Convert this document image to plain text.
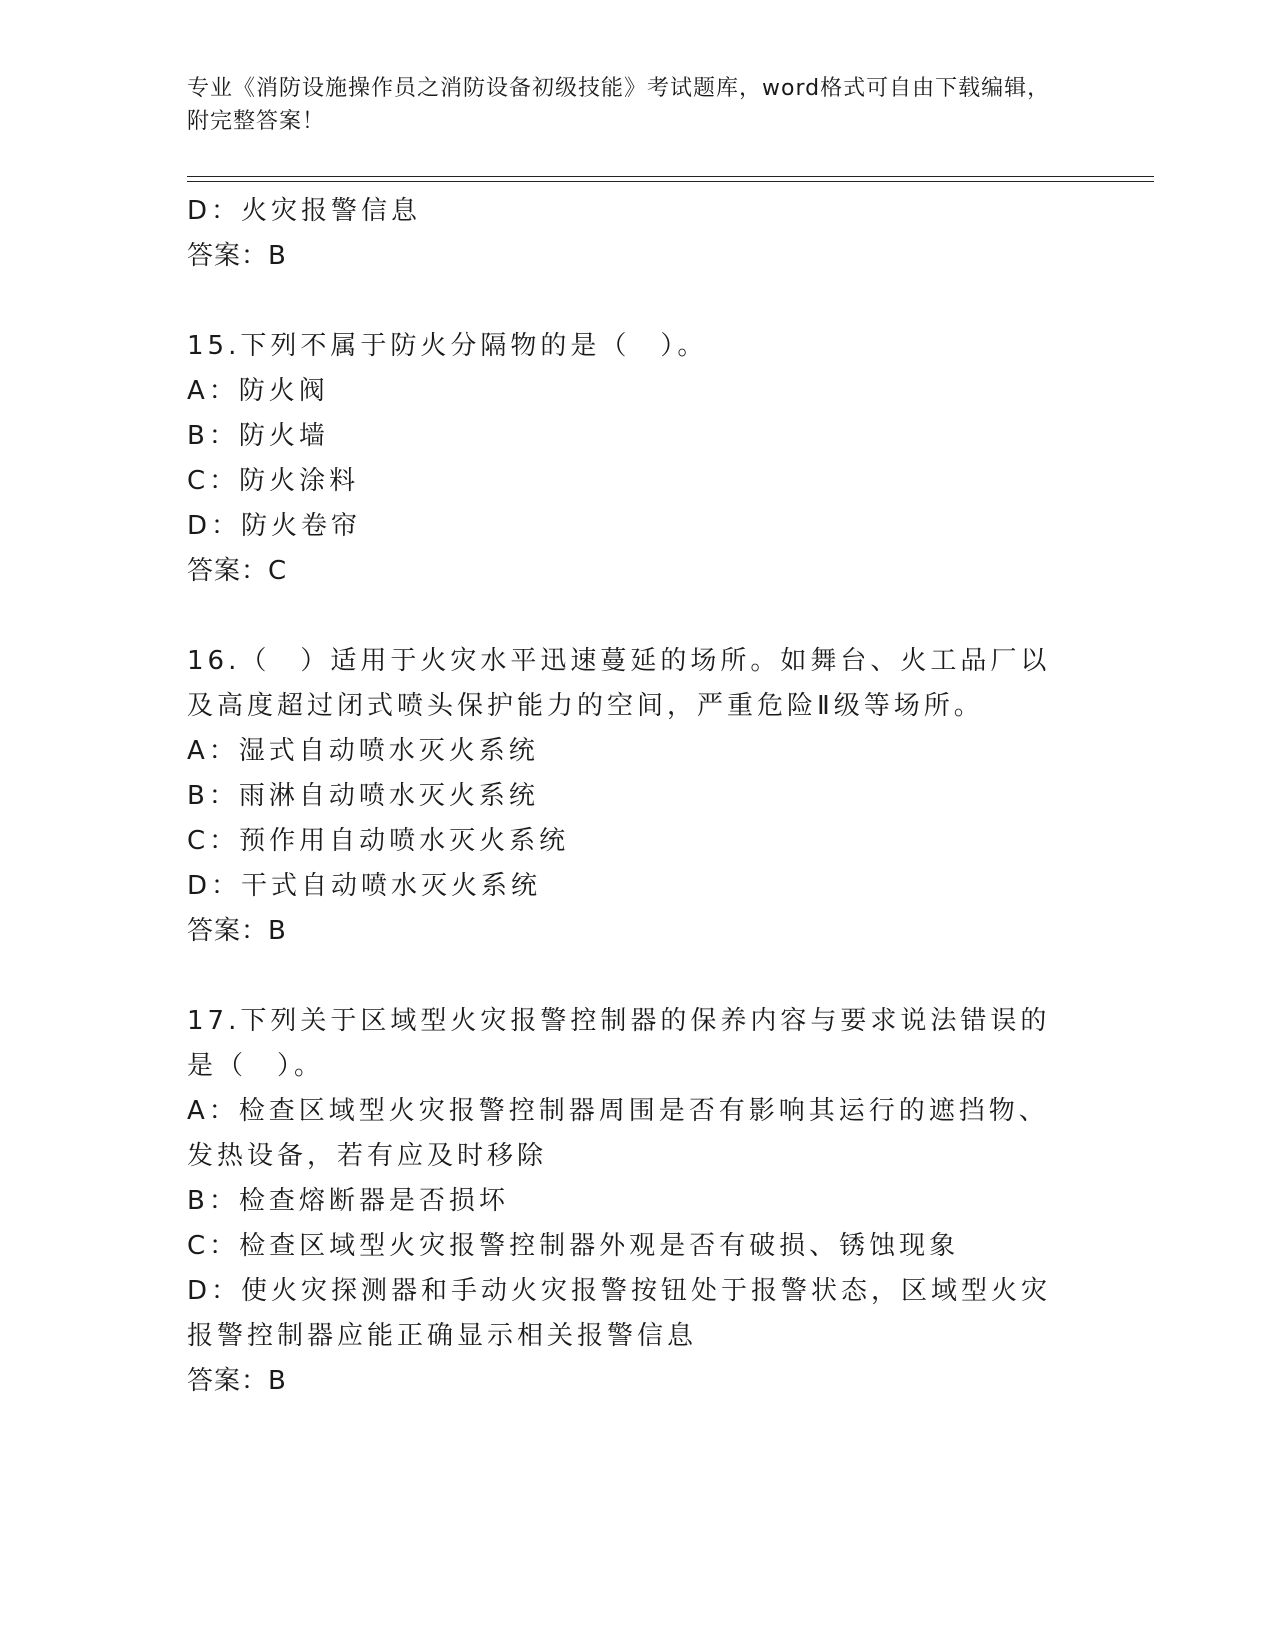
专业《消防设施操作员之消防设备初级技能》考试题库，word格式可自由下载编辑，附完整答案！
D：火灾报警信息
答案：B
15.下列不属于防火分隔物的是（　）。
A：防火阀
B：防火墙
C：防火涂料
D：防火卷帘
答案：C
16.（　）适用于火灾水平迅速蔓延的场所。如舞台、火工品厂以及高度超过闭式喷头保护能力的空间，严重危险Ⅱ级等场所。
A：湿式自动喷水灭火系统
B：雨淋自动喷水灭火系统
C：预作用自动喷水灭火系统
D：干式自动喷水灭火系统
答案：B
17.下列关于区域型火灾报警控制器的保养内容与要求说法错误的是（　）。
A：检查区域型火灾报警控制器周围是否有影响其运行的遮挡物、发热设备，若有应及时移除
B：检查熔断器是否损坏
C：检查区域型火灾报警控制器外观是否有破损、锈蚀现象
D：使火灾探测器和手动火灾报警按钮处于报警状态，区域型火灾报警控制器应能正确显示相关报警信息
答案：B
